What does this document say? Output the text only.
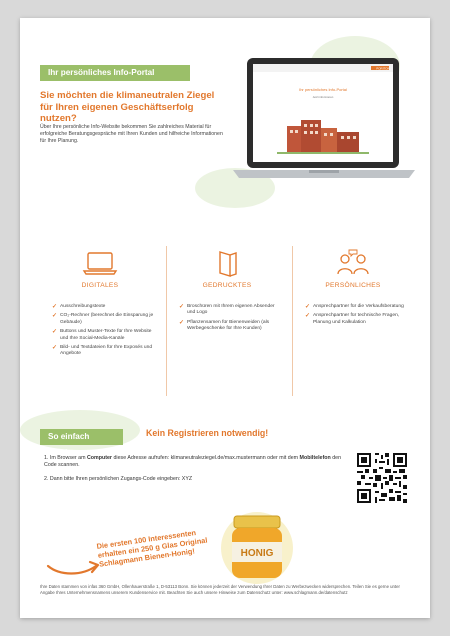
Ihr persönliches Info-Portal
Sie möchten die klimaneutralen Ziegel für Ihren eigenen Geschäftserfolg nutzen?
Über Ihre persönliche Info-Website bekommen Sie zahlreiches Material für erfolgreiche Beratungsgespräche mit Ihren Kunden und hilfreiche Informationen für Ihre Planung.
PORITON
Ihr persönliches Info-Portal
Jetzt informieren
DIGITALES
✓ Ausschreibungstexte
✓ CO₂-Rechner (berechnet die Einsparung je Gebäude)
✓ Buttons und Muster-Texte für Ihre Website und Ihre Social-Media-Kanäle
✓ Bild- und Textdateien für Ihre Exposés und Angebote
GEDRUCKTES
✓ Broschüren mit Ihrem eigenen Absender und Logo
✓ Pflanzensamen für Bienenweiden (als Werbegeschenke für Ihre Kunden)
PERSÖNLICHES
✓ Ansprechpartner für die Verkaufsberatung
✓ Ansprechpartner für technische Fragen, Planung und Kalkulation
So einfach geht's:
Kein Registrieren notwendig!

1. Im Browser am Computer diese Adresse aufrufen: klimaneutraleziegel.de/max.mustermann oder mit dem Mobiltelefon den Code scannen.

2. Dann bitte Ihren persönlichen Zugangs-Code eingeben: XYZ

Die ersten 100 Interessenten erhalten ein 250 g Glas Original Schlagmann Bienen-Honig!	HONIG
Ihre Daten stammen von infas 360 GmbH, Ollenhauerstraße 1, D-53113 Bonn. Sie können jederzeit der Verwendung Ihrer Daten zu Werbezwecken widersprechen. Teilen Sie es gerne unter Angabe Ihres Unternehmensnamens unserem Kundenservice mit. Beachten Sie auch unsere Hinweise zum Datenschutz unter: www.schlagmann.de/datenschutz
